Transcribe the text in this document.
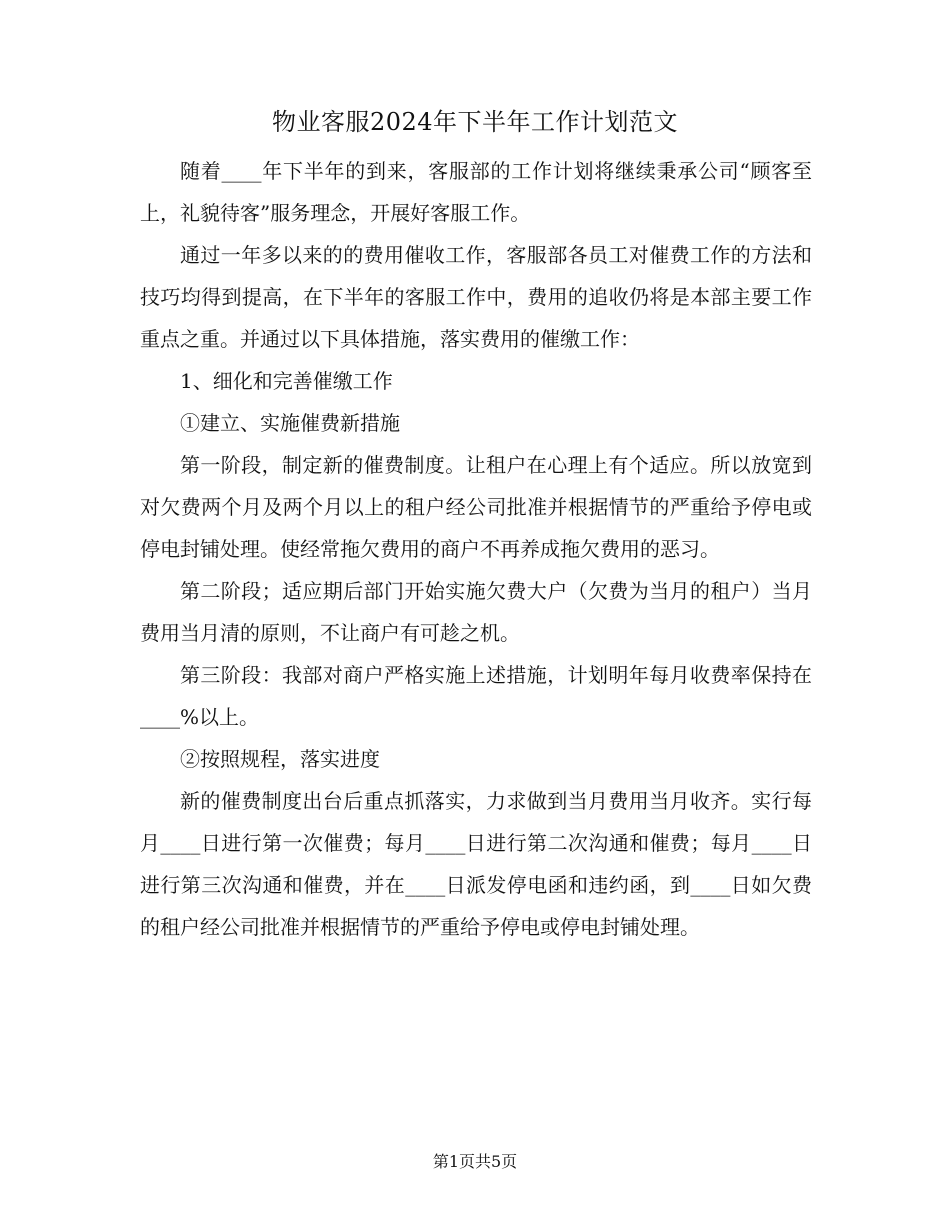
物业客服2024年下半年工作计划范文

随着____年下半年的到来，客服部的工作计划将继续秉承公司“顾客至上，礼貌待客”服务理念，开展好客服工作。

通过一年多以来的的费用催收工作，客服部各员工对催费工作的方法和技巧均得到提高，在下半年的客服工作中，费用的追收仍将是本部主要工作重点之重。并通过以下具体措施，落实费用的催缴工作：

1、细化和完善催缴工作

①建立、实施催费新措施

第一阶段，制定新的催费制度。让租户在心理上有个适应。所以放宽到对欠费两个月及两个月以上的租户经公司批准并根据情节的严重给予停电或停电封铺处理。使经常拖欠费用的商户不再养成拖欠费用的恶习。

第二阶段；适应期后部门开始实施欠费大户（欠费为当月的租户）当月费用当月清的原则，不让商户有可趁之机。

第三阶段：我部对商户严格实施上述措施，计划明年每月收费率保持在____%以上。

②按照规程，落实进度

新的催费制度出台后重点抓落实，力求做到当月费用当月收齐。实行每月____日进行第一次催费；每月____日进行第二次沟通和催费；每月____日进行第三次沟通和催费，并在____日派发停电函和违约函，到____日如欠费的租户经公司批准并根据情节的严重给予停电或停电封铺处理。

第1页共5页
